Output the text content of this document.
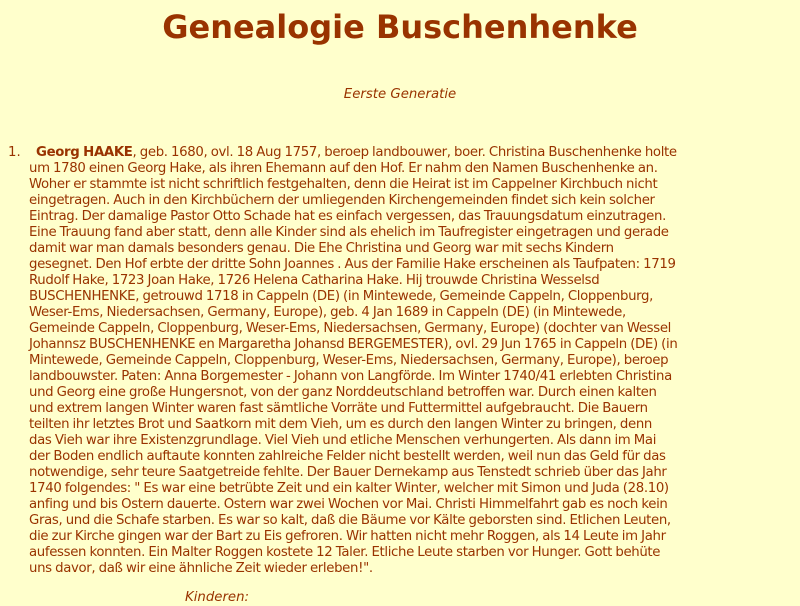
Genealogie Buschenhenke
Eerste Generatie
1.	Georg HAAKE, geb. 1680, ovl. 18 Aug 1757, beroep landbouwer, boer. Christina Buschenhenke holte
um 1780 einen Georg Hake, als ihren Ehemann auf den Hof. Er nahm den Namen Buschenhenke an.
Woher er stammte ist nicht schriftlich festgehalten, denn die Heirat ist im Cappelner Kirchbuch nicht
eingetragen. Auch in den Kirchbüchern der umliegenden Kirchengemeinden findet sich kein solcher
Eintrag. Der damalige Pastor Otto Schade hat es einfach vergessen, das Trauungsdatum einzutragen.
Eine Trauung fand aber statt, denn alle Kinder sind als ehelich im Taufregister eingetragen und gerade
damit war man damals besonders genau. Die Ehe Christina und Georg war mit sechs Kindern
gesegnet. Den Hof erbte der dritte Sohn Joannes . Aus der Familie Hake erscheinen als Taufpaten: 1719
Rudolf Hake, 1723 Joan Hake, 1726 Helena Catharina Hake. Hij trouwde Christina Wesselsd
BUSCHENHENKE, getrouwd 1718 in Cappeln (DE) (in Mintewede, Gemeinde Cappeln, Cloppenburg,
Weser-Ems, Niedersachsen, Germany, Europe), geb. 4 Jan 1689 in Cappeln (DE) (in Mintewede,
Gemeinde Cappeln, Cloppenburg, Weser-Ems, Niedersachsen, Germany, Europe) (dochter van Wessel
Johannsz BUSCHENHENKE en Margaretha Johansd BERGEMESTER), ovl. 29 Jun 1765 in Cappeln (DE) (in
Mintewede, Gemeinde Cappeln, Cloppenburg, Weser-Ems, Niedersachsen, Germany, Europe), beroep
landbouwster. Paten: Anna Borgemester - Johann von Langförde. Im Winter 1740/41 erlebten Christina
und Georg eine große Hungersnot, von der ganz Norddeutschland betroffen war. Durch einen kalten
und extrem langen Winter waren fast sämtliche Vorräte und Futtermittel aufgebraucht. Die Bauern
teilten ihr letztes Brot und Saatkorn mit dem Vieh, um es durch den langen Winter zu bringen, denn
das Vieh war ihre Existenzgrundlage. Viel Vieh und etliche Menschen verhungerten. Als dann im Mai
der Boden endlich auftaute konnten zahlreiche Felder nicht bestellt werden, weil nun das Geld für das
notwendige, sehr teure Saatgetreide fehlte. Der Bauer Dernekamp aus Tenstedt schrieb über das Jahr
1740 folgendes: " Es war eine betrübte Zeit und ein kalter Winter, welcher mit Simon und Juda (28.10)
anfing und bis Ostern dauerte. Ostern war zwei Wochen vor Mai. Christi Himmelfahrt gab es noch kein
Gras, und die Schafe starben. Es war so kalt, daß die Bäume vor Kälte geborsten sind. Etlichen Leuten,
die zur Kirche gingen war der Bart zu Eis gefroren. Wir hatten nicht mehr Roggen, als 14 Leute im Jahr
aufessen konnten. Ein Malter Roggen kostete 12 Taler. Etliche Leute starben vor Hunger. Gott behüte
uns davor, daß wir eine ähnliche Zeit wieder erleben!".
Kinderen:
